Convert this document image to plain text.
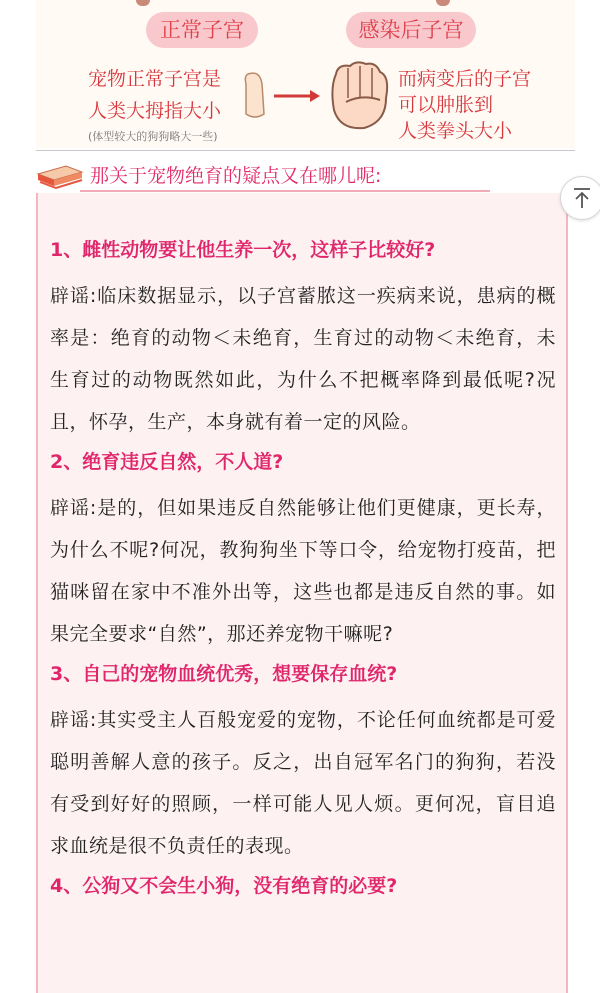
正常子宫	感染后子宫
宠物正常子宫是
人类大拇指大小
(体型较大的狗狗略大一些)
而病变后的子宫
可以肿胀到
人类拳头大小
那关于宠物绝育的疑点又在哪儿呢:
1、雌性动物要让他生养一次，这样子比较好?
辟谣:临床数据显示，以子宫蓄脓这一疾病来说，患病的概率是：绝育的动物＜未绝育，生育过的动物＜未绝育，未生育过的动物既然如此，为什么不把概率降到最低呢?况且，怀孕，生产，本身就有着一定的风险。
2、绝育违反自然，不人道?
辟谣:是的，但如果违反自然能够让他们更健康，更长寿，为什么不呢?何况，教狗狗坐下等口令，给宠物打疫苗，把猫咪留在家中不准外出等，这些也都是违反自然的事。如果完全要求“自然”，那还养宠物干嘛呢?
3、自己的宠物血统优秀，想要保存血统?
辟谣:其实受主人百般宠爱的宠物，不论任何血统都是可爱聪明善解人意的孩子。反之，出自冠军名门的狗狗，若没有受到好好的照顾，一样可能人见人烦。更何况，盲目追求血统是很不负责任的表现。
4、公狗又不会生小狗，没有绝育的必要?
